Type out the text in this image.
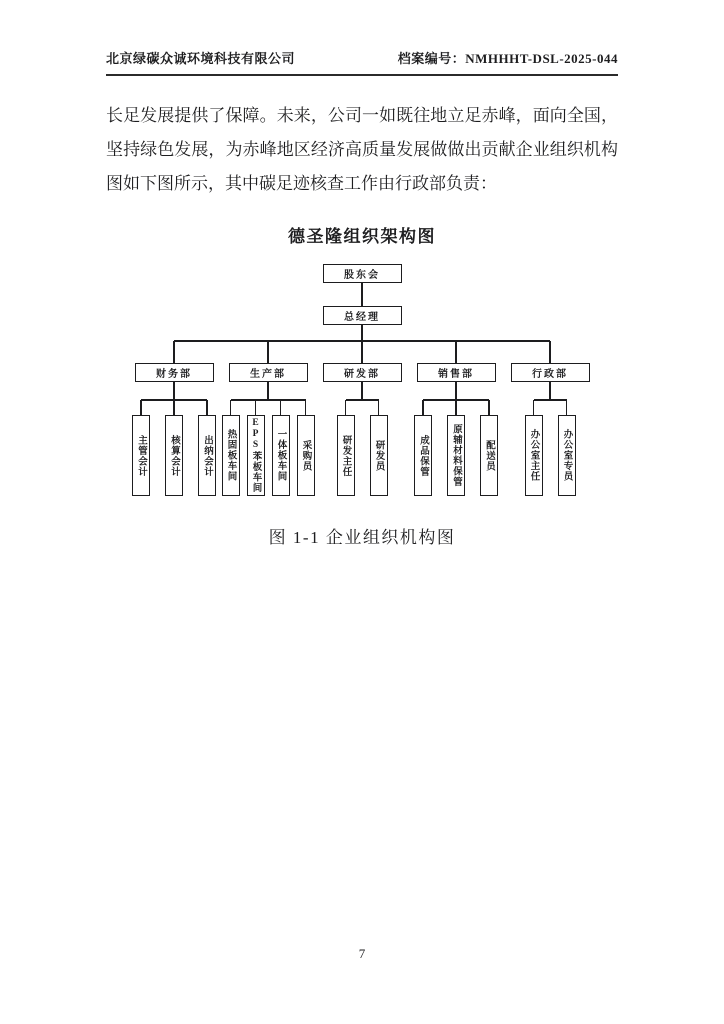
北京绿碳众诚环境科技有限公司	档案编号：NMHHHT-DSL-2025-044
长足发展提供了保障。未来，公司一如既往地立足赤峰，面向全国，
坚持绿色发展，为赤峰地区经济高质量发展做做出贡献企业组织机构
图如下图所示，其中碳足迹核查工作由行政部负责：
德圣隆组织架构图
股东会
总经理
财务部
主管会计 核算会计 出纳会计
生产部
热固板车间 EPS苯板车间 一体板车间 采购员
研发部
研发主任 研发员
销售部
成品保管 原辅材料保管 配送员
行政部
办公室主任 办公室专员
图 1-1 企业组织机构图
7
